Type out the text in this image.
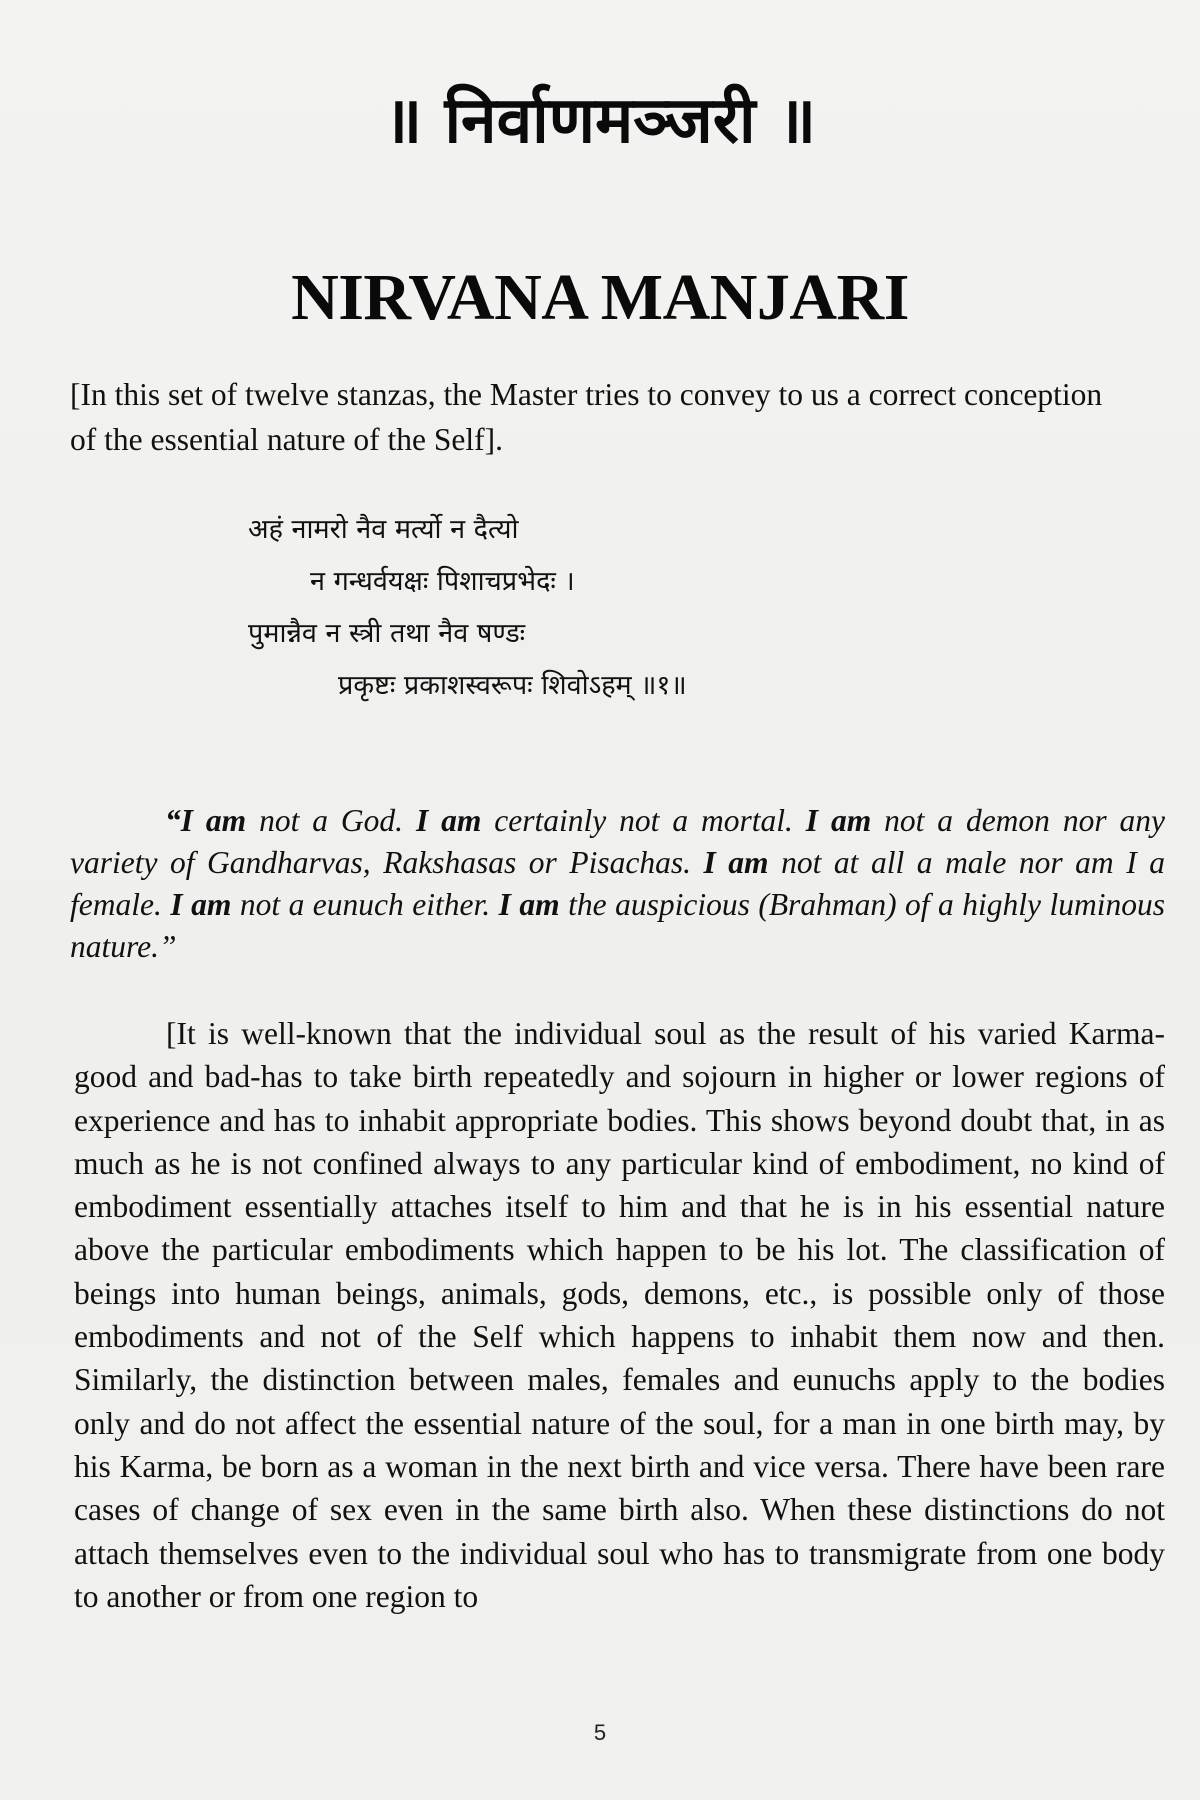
॥ निर्वाणमञ्जरी ॥
NIRVANA MANJARI

[In this set of twelve stanzas, the Master tries to convey to us a correct conception of the essential nature of the Self].

अहं नामरो नैव मर्त्यो न दैत्यो
न गन्धर्वयक्षः पिशाचप्रभेदः ।
पुमान्नैव न स्त्री तथा नैव षण्डः
प्रकृष्टः प्रकाशस्वरूपः शिवोऽहम् ॥१॥

“I am not a God. I am certainly not a mortal. I am not a demon nor any variety of Gandharvas, Rakshasas or Pisachas. I am not at all a male nor am I a female. I am not a eunuch either. I am the auspicious (Brahman) of a highly luminous nature.”

[It is well-known that the individual soul as the result of his varied Karma-good and bad-has to take birth repeatedly and sojourn in higher or lower regions of experience and has to inhabit appropriate bodies. This shows beyond doubt that, in as much as he is not confined always to any particular kind of embodiment, no kind of embodiment essentially attaches itself to him and that he is in his essential nature above the particular embodiments which happen to be his lot. The classification of beings into human beings, animals, gods, demons, etc., is possible only of those embodiments and not of the Self which happens to inhabit them now and then. Similarly, the distinction between males, females and eunuchs apply to the bodies only and do not affect the essential nature of the soul, for a man in one birth may, by his Karma, be born as a woman in the next birth and vice versa. There have been rare cases of change of sex even in the same birth also. When these distinctions do not attach themselves even to the individual soul who has to transmigrate from one body to another or from one region to

5
